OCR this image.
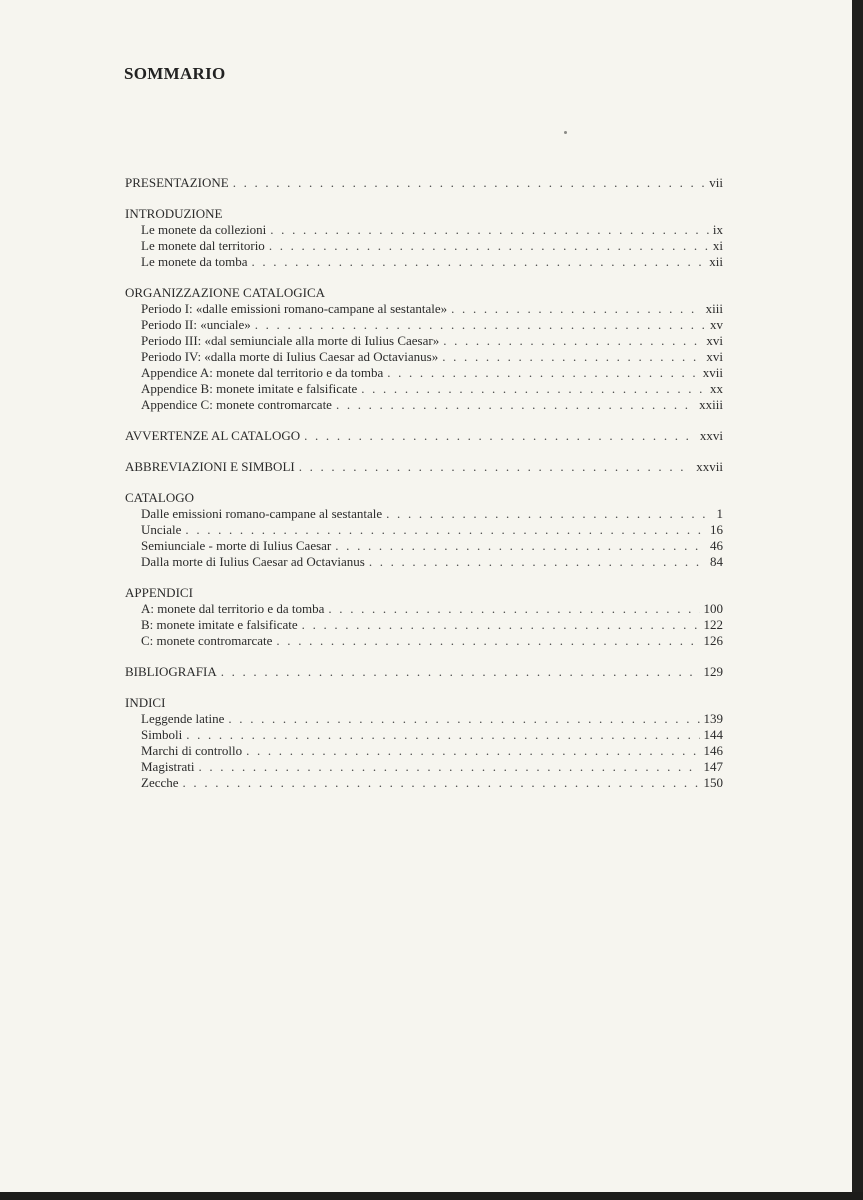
SOMMARIO
PRESENTAZIONE . . .	vii
INTRODUZIONE
Le monete da collezioni . . .	ix
Le monete dal territorio . . .	xi
Le monete da tomba . . .	xii
ORGANIZZAZIONE CATALOGICA
Periodo I: «dalle emissioni romano-campane al sestantale» . . .	xiii
Periodo II: «unciale» . . .	xv
Periodo III: «dal semiunciale alla morte di Iulius Caesar» . . .	xvi
Periodo IV: «dalla morte di Iulius Caesar ad Octavianus» . . .	xvi
Appendice A: monete dal territorio e da tomba . . .	xvii
Appendice B: monete imitate e falsificate . . .	xx
Appendice C: monete contromarcate . . .	xxiii
AVVERTENZE AL CATALOGO . . .	xxvi
ABBREVIAZIONI E SIMBOLI . . .	xxvii
CATALOGO
Dalle emissioni romano-campane al sestantale . . .	1
Unciale . . .	16
Semiunciale - morte di Iulius Caesar . . .	46
Dalla morte di Iulius Caesar ad Octavianus . . .	84
APPENDICI
A: monete dal territorio e da tomba . . .	100
B: monete imitate e falsificate . . .	122
C: monete contromarcate . . .	126
BIBLIOGRAFIA . . .	129
INDICI
Leggende latine . . .	139
Simboli . . .	144
Marchi di controllo . . .	146
Magistrati . . .	147
Zecche . . .	150
